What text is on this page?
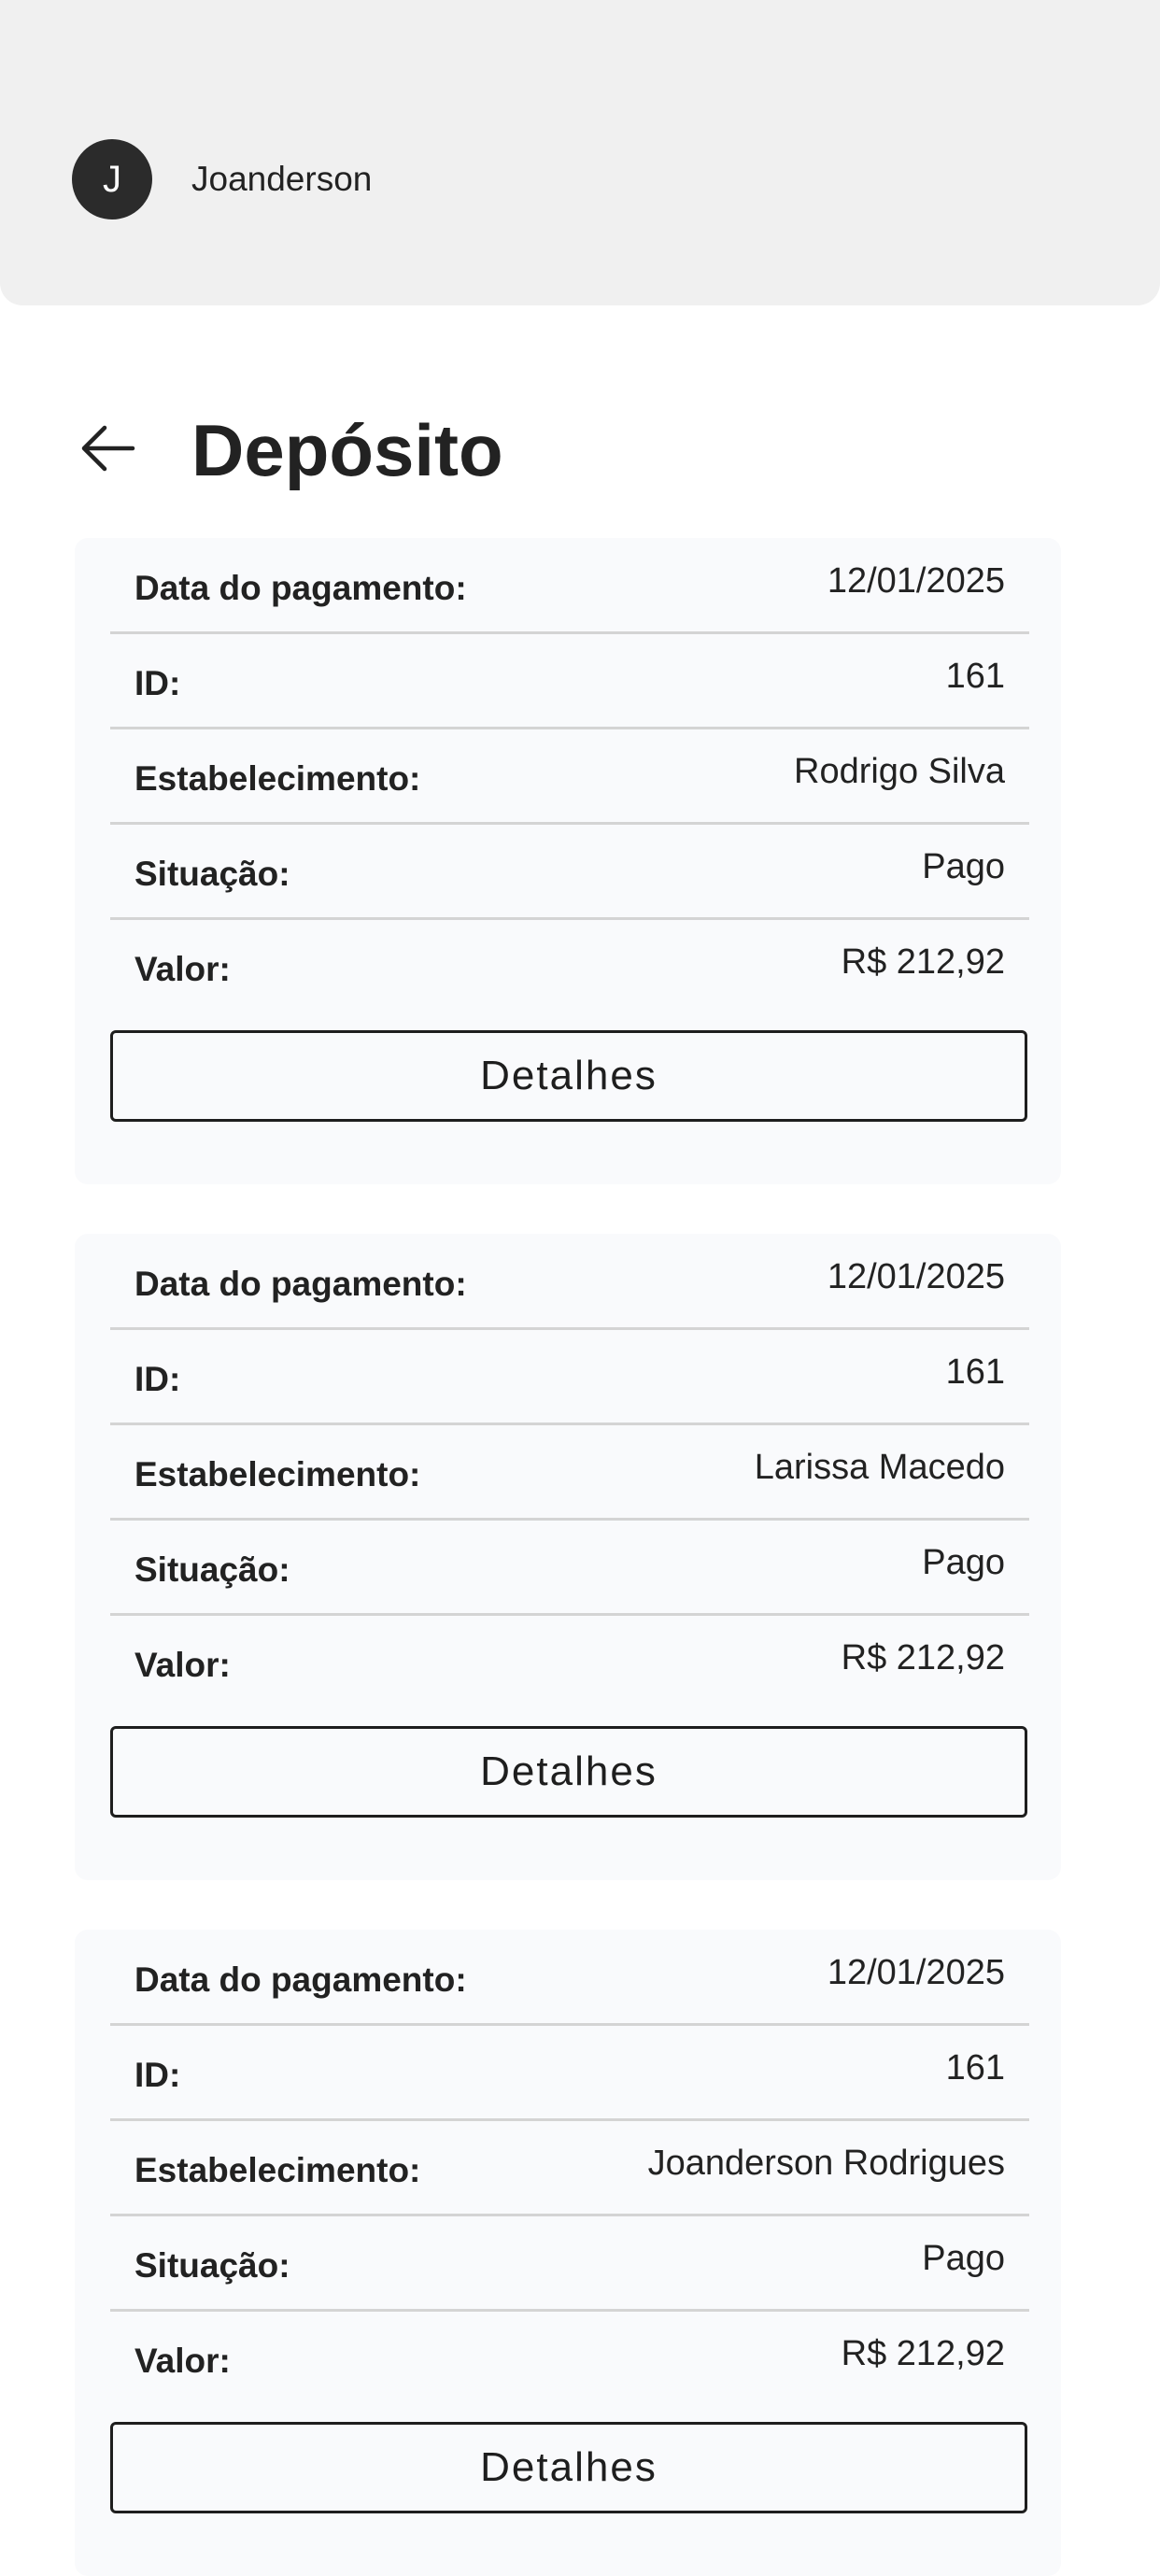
J	Joanderson
Depósito
Data do pagamento:	12/01/2025
ID:	161
Estabelecimento:	Rodrigo Silva
Situação:	Pago
Valor:	R$ 212,92
Detalhes
Data do pagamento:	12/01/2025
ID:	161
Estabelecimento:	Larissa Macedo
Situação:	Pago
Valor:	R$ 212,92
Detalhes
Data do pagamento:	12/01/2025
ID:	161
Estabelecimento:	Joanderson Rodrigues
Situação:	Pago
Valor:	R$ 212,92
Detalhes
